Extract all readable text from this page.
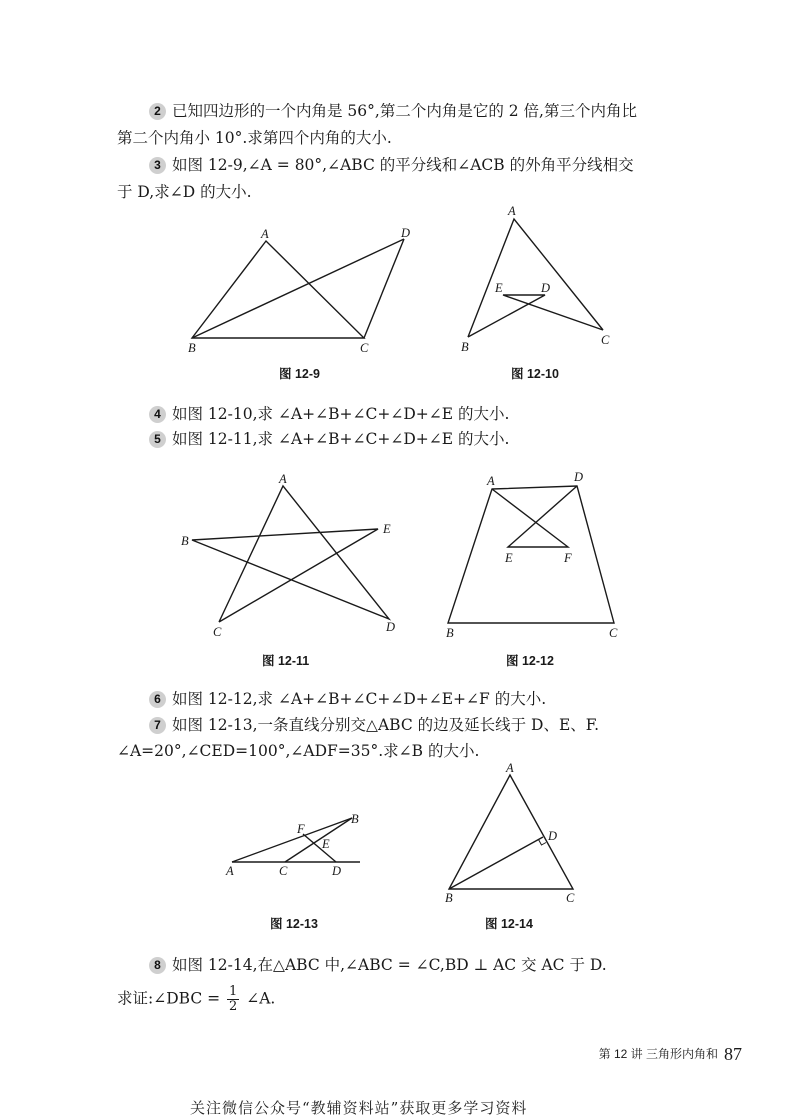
2 已知四边形的一个内角是 56°,第二个内角是它的 2 倍,第三个内角比
第二个内角小 10°.求第四个内角的大小.
3 如图 12-9,∠A = 80°,∠ABC 的平分线和∠ACB 的外角平分线相交
于 D,求∠D 的大小.
A
B	C
D
A
B	C
D
E
图 12-9	图 12-10
4 如图 12-10,求 ∠A+∠B+∠C+∠D+∠E 的大小.
5 如图 12-11,求 ∠A+∠B+∠C+∠D+∠E 的大小.
A
B
C	D
E
A
B	C
D
E	F
图 12-11	图 12-12
6 如图 12-12,求 ∠A+∠B+∠C+∠D+∠E+∠F 的大小.
7 如图 12-13,一条直线分别交△ABC 的边及延长线于 D、E、F.
∠A=20°,∠CED=100°,∠ADF=35°.求∠B 的大小.
A
B
C	D
E
F
A
B	C
D
图 12-13	图 12-14
8 如图 12-14,在△ABC 中,∠ABC = ∠C,BD ⊥ AC 交 AC 于 D.
求证:∠DBC = $\frac{1}{2}$ ∠A.
第 12 讲 三角形内角和 87
关注微信公众号“教辅资料站”获取更多学习资料
